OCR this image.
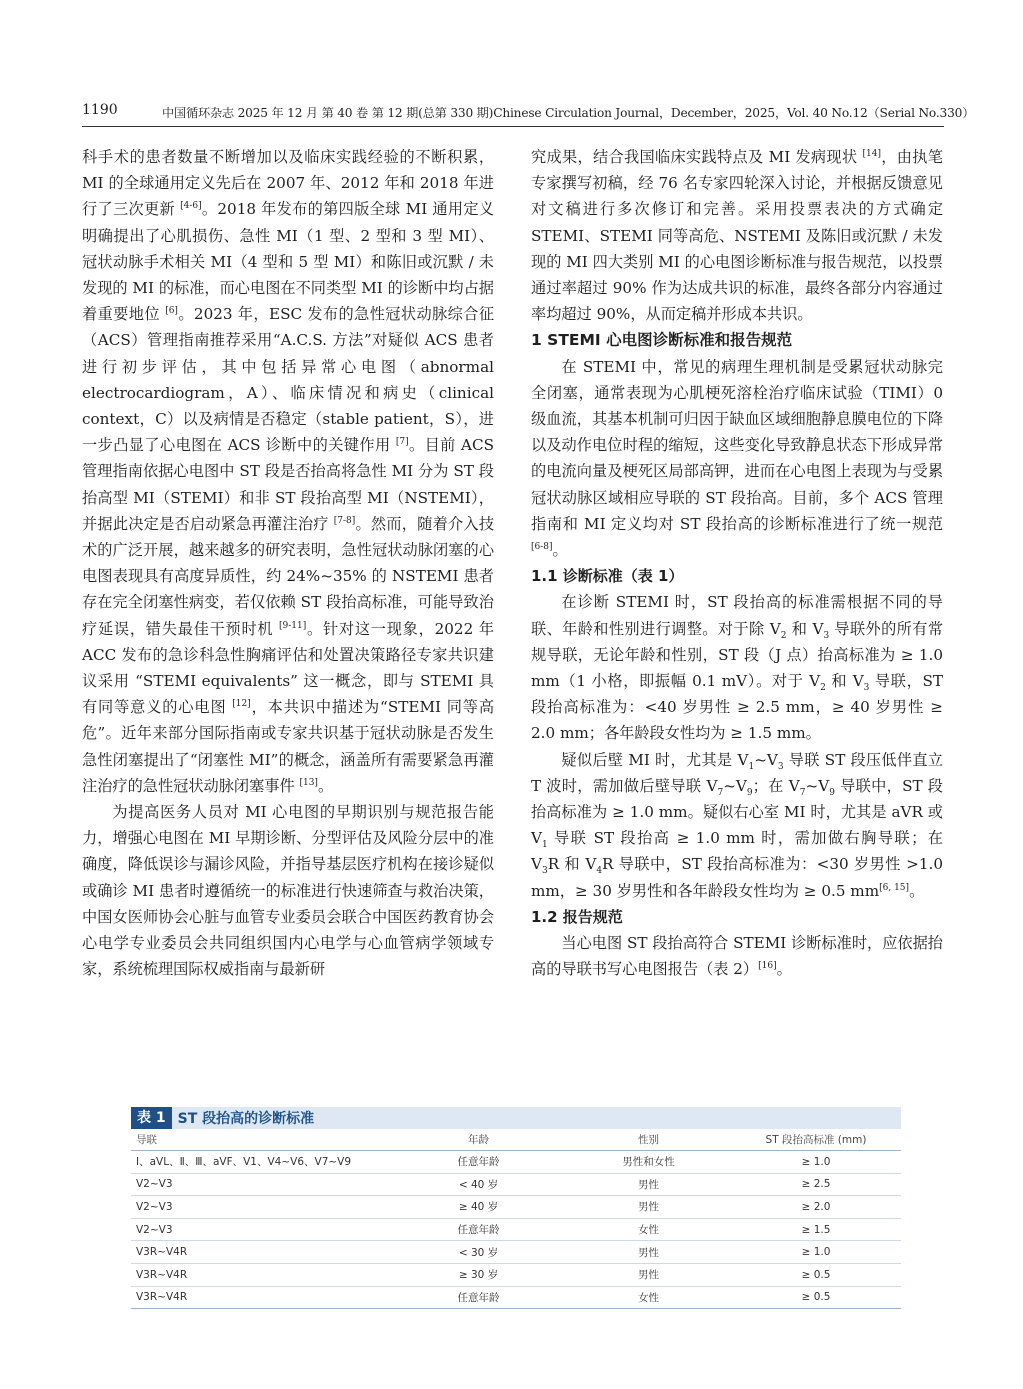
1190	中国循环杂志 2025 年 12 月 第 40 卷 第 12 期(总第 330 期)Chinese Circulation Journal，December，2025，Vol. 40 No.12（Serial No.330）

科手术的患者数量不断增加以及临床实践经验的不断积累，MI 的全球通用定义先后在 2007 年、2012 年和 2018 年进行了三次更新 [4-6]。2018 年发布的第四版全球 MI 通用定义明确提出了心肌损伤、急性 MI（1 型、2 型和 3 型 MI）、冠状动脉手术相关 MI（4 型和 5 型 MI）和陈旧或沉默 / 未发现的 MI 的标准，而心电图在不同类型 MI 的诊断中均占据着重要地位 [6]。2023 年，ESC 发布的急性冠状动脉综合征（ACS）管理指南推荐采用“A.C.S. 方法”对疑似 ACS 患者进行初步评估，其中包括异常心电图（abnormal electrocardiogram，A）、临床情况和病史（clinical context，C）以及病情是否稳定（stable patient，S），进一步凸显了心电图在 ACS 诊断中的关键作用 [7]。目前 ACS 管理指南依据心电图中 ST 段是否抬高将急性 MI 分为 ST 段抬高型 MI（STEMI）和非 ST 段抬高型 MI（NSTEMI），并据此决定是否启动紧急再灌注治疗 [7-8]。然而，随着介入技术的广泛开展，越来越多的研究表明，急性冠状动脉闭塞的心电图表现具有高度异质性，约 24%~35% 的 NSTEMI 患者存在完全闭塞性病变，若仅依赖 ST 段抬高标准，可能导致治疗延误，错失最佳干预时机 [9-11]。针对这一现象，2022 年 ACC 发布的急诊科急性胸痛评估和处置决策路径专家共识建议采用 “STEMI equivalents” 这一概念，即与 STEMI 具有同等意义的心电图 [12]，本共识中描述为“STEMI 同等高危”。近年来部分国际指南或专家共识基于冠状动脉是否发生急性闭塞提出了“闭塞性 MI”的概念，涵盖所有需要紧急再灌注治疗的急性冠状动脉闭塞事件 [13]。

为提高医务人员对 MI 心电图的早期识别与规范报告能力，增强心电图在 MI 早期诊断、分型评估及风险分层中的准确度，降低误诊与漏诊风险，并指导基层医疗机构在接诊疑似或确诊 MI 患者时遵循统一的标准进行快速筛查与救治决策，中国女医师协会心脏与血管专业委员会联合中国医药教育协会心电学专业委员会共同组织国内心电学与心血管病学领域专家，系统梳理国际权威指南与最新研

究成果，结合我国临床实践特点及 MI 发病现状 [14]，由执笔专家撰写初稿，经 76 名专家四轮深入讨论，并根据反馈意见对文稿进行多次修订和完善。采用投票表决的方式确定 STEMI、STEMI 同等高危、NSTEMI 及陈旧或沉默 / 未发现的 MI 四大类别 MI 的心电图诊断标准与报告规范，以投票通过率超过 90% 作为达成共识的标准，最终各部分内容通过率均超过 90%，从而定稿并形成本共识。

1 STEMI 心电图诊断标准和报告规范

在 STEMI 中，常见的病理生理机制是受累冠状动脉完全闭塞，通常表现为心肌梗死溶栓治疗临床试验（TIMI）0 级血流，其基本机制可归因于缺血区域细胞静息膜电位的下降以及动作电位时程的缩短，这些变化导致静息状态下形成异常的电流向量及梗死区局部高钾，进而在心电图上表现为与受累冠状动脉区域相应导联的 ST 段抬高。目前，多个 ACS 管理指南和 MI 定义均对 ST 段抬高的诊断标准进行了统一规范 [6-8]。

1.1 诊断标准（表 1）

在诊断 STEMI 时，ST 段抬高的标准需根据不同的导联、年龄和性别进行调整。对于除 $V_2$ 和 $V_3$ 导联外的所有常规导联，无论年龄和性别，ST 段（J 点）抬高标准为 ≥ 1.0 mm（1 小格，即振幅 0.1 mV）。对于 $V_2$ 和 $V_3$ 导联，ST 段抬高标准为：<40 岁男性 ≥ 2.5 mm，≥ 40 岁男性 ≥ 2.0 mm；各年龄段女性均为 ≥ 1.5 mm。

疑似后壁 MI 时，尤其是 $V_1\sim V_3$ 导联 ST 段压低伴直立 T 波时，需加做后壁导联 $V_7\sim V_9$；在 $V_7\sim V_9$ 导联中，ST 段抬高标准为 ≥ 1.0 mm。疑似右心室 MI 时，尤其是 aVR 或 $V_1$ 导联 ST 段抬高 ≥ 1.0 mm 时，需加做右胸导联；在 $V_3R$ 和 $V_4R$ 导联中，ST 段抬高标准为：<30 岁男性 >1.0 mm，≥ 30 岁男性和各年龄段女性均为 ≥ 0.5 mm[6, 15]。

1.2 报告规范

当心电图 ST 段抬高符合 STEMI 诊断标准时，应依据抬高的导联书写心电图报告（表 2）[16]。

表 1 ST 段抬高的诊断标准
导联	年龄	性别	ST 段抬高标准 (mm)
Ⅰ、aVL、Ⅱ、Ⅲ、aVF、V1、V4~V6、V7~V9	任意年龄	男性和女性	≥ 1.0
V2~V3	< 40 岁	男性	≥ 2.5
V2~V3	≥ 40 岁	男性	≥ 2.0
V2~V3	任意年龄	女性	≥ 1.5
V3R~V4R	< 30 岁	男性	≥ 1.0
V3R~V4R	≥ 30 岁	男性	≥ 0.5
V3R~V4R	任意年龄	女性	≥ 0.5
